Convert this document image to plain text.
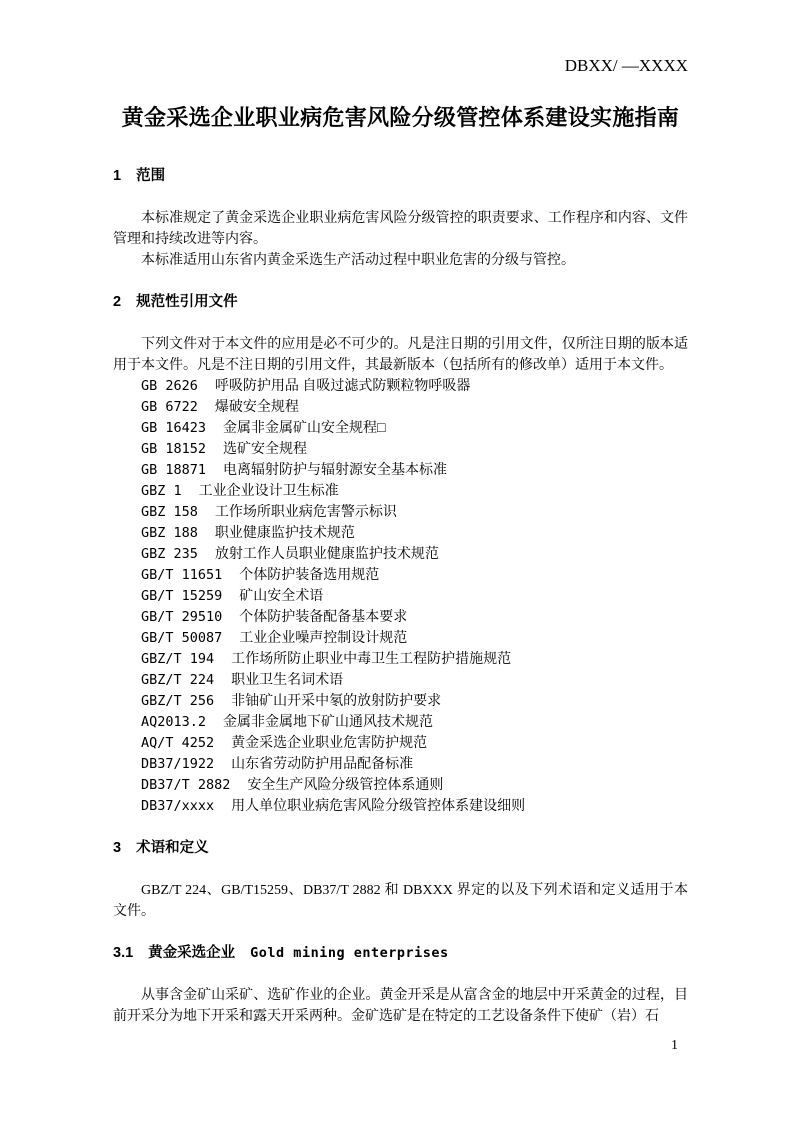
DBXX/ —XXXX
黄金采选企业职业病危害风险分级管控体系建设实施指南
1 范围

本标准规定了黄金采选企业职业病危害风险分级管控的职责要求、工作程序和内容、文件管理和持续改进等内容。

本标准适用山东省内黄金采选生产活动过程中职业危害的分级与管控。

2 规范性引用文件

下列文件对于本文件的应用是必不可少的。凡是注日期的引用文件，仅所注日期的版本适用于本文件。凡是不注日期的引用文件，其最新版本（包括所有的修改单）适用于本文件。

GB 2626 呼吸防护用品 自吸过滤式防颗粒物呼吸器
GB 6722 爆破安全规程
GB 16423 金属非金属矿山安全规程□
GB 18152 选矿安全规程
GB 18871 电离辐射防护与辐射源安全基本标准
GBZ 1 工业企业设计卫生标准
GBZ 158 工作场所职业病危害警示标识
GBZ 188 职业健康监护技术规范
GBZ 235 放射工作人员职业健康监护技术规范
GB/T 11651 个体防护装备选用规范
GB/T 15259 矿山安全术语
GB/T 29510 个体防护装备配备基本要求
GB/T 50087 工业企业噪声控制设计规范
GBZ/T 194 工作场所防止职业中毒卫生工程防护措施规范
GBZ/T 224 职业卫生名词术语
GBZ/T 256 非铀矿山开采中氡的放射防护要求
AQ2013.2 金属非金属地下矿山通风技术规范
AQ/T 4252 黄金采选企业职业危害防护规范
DB37/1922 山东省劳动防护用品配备标准
DB37/T 2882 安全生产风险分级管控体系通则
DB37/xxxx 用人单位职业病危害风险分级管控体系建设细则
3 术语和定义

GBZ/T 224、GB/T15259、DB37/T 2882 和 DBXXX 界定的以及下列术语和定义适用于本文件。

3.1 黄金采选企业 Gold mining enterprises

从事含金矿山采矿、选矿作业的企业。黄金开采是从富含金的地层中开采黄金的过程，目前开采分为地下开采和露天开采两种。金矿选矿是在特定的工艺设备条件下使矿（岩）石

1
